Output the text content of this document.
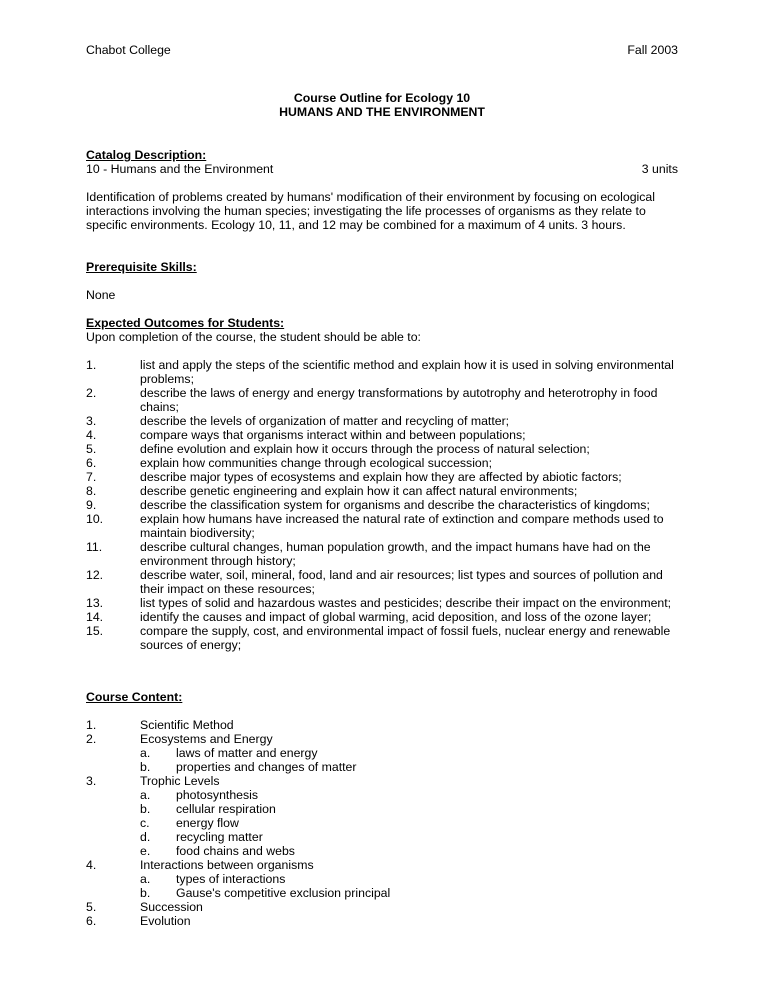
Chabot College	Fall 2003
Course Outline for Ecology 10
HUMANS AND THE ENVIRONMENT
Catalog Description:
10 - Humans and the Environment	3 units

Identification of problems created by humans' modification of their environment by focusing on ecological interactions involving the human species; investigating the life processes of organisms as they relate to specific environments. Ecology 10, 11, and 12 may be combined for a maximum of 4 units. 3 hours.

Prerequisite Skills:

None

Expected Outcomes for Students:

Upon completion of the course, the student should be able to:

1.	list and apply the steps of the scientific method and explain how it is used in solving environmental problems;
2.	describe the laws of energy and energy transformations by autotrophy and heterotrophy in food chains;
3.	describe the levels of organization of matter and recycling of matter;
4.	compare ways that organisms interact within and between populations;
5.	define evolution and explain how it occurs through the process of natural selection;
6.	explain how communities change through ecological succession;
7.	describe major types of ecosystems and explain how they are affected by abiotic factors;
8.	describe genetic engineering and explain how it can affect natural environments;
9.	describe the classification system for organisms and describe the characteristics of kingdoms;
10.	explain how humans have increased the natural rate of extinction and compare methods used to maintain biodiversity;
11.	describe cultural changes, human population growth, and the impact humans have had on the environment through history;
12.	describe water, soil, mineral, food, land and air resources; list types and sources of pollution and their impact on these resources;
13.	list types of solid and hazardous wastes and pesticides; describe their impact on the environment;
14.	identify the causes and impact of global warming, acid deposition, and loss of the ozone layer;
15.	compare the supply, cost, and environmental impact of fossil fuels, nuclear energy and renewable sources of energy;
Course Content:
1.	Scientific Method
2.	Ecosystems and Energy
a. laws of matter and energy
b. properties and changes of matter
3.	Trophic Levels
a. photosynthesis
b. cellular respiration
c. energy flow
d. recycling matter
e. food chains and webs
4.	Interactions between organisms
a. types of interactions
b. Gause's competitive exclusion principal
5.	Succession
6.	Evolution
